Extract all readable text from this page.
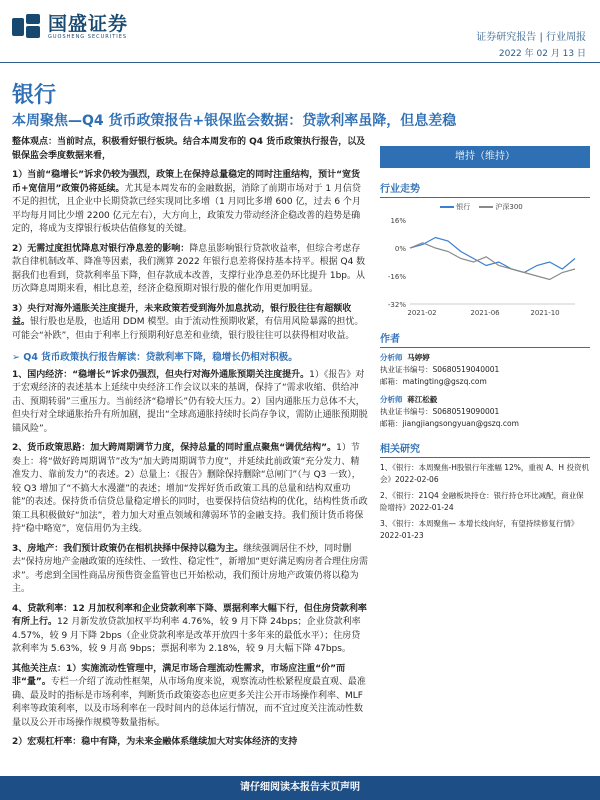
国盛证券
GUOSHENG SECURITIES	证券研究报告 | 行业周报
2022 年 02 月 13 日
银行
本周聚焦—Q4 货币政策报告+银保监会数据：贷款利率虽降，但息差稳

整体观点：当前时点，积极看好银行板块。结合本周发布的 Q4 货币政策执行报告，以及银保监会季度数据来看，

1）当前“稳增长”诉求仍较为强烈，政策上在保持总量稳定的同时注重结构，预计“宽货币+宽信用”政策仍将延续。尤其是本周发布的金融数据，消除了前期市场对于 1 月信贷不足的担忧，且企业中长期贷款已经实现同比多增（1 月同比多增 600 亿，过去 6 个月平均每月同比少增 2200 亿元左右），大方向上，政策发力带动经济企稳改善的趋势是确定的，将成为支撑银行板块估值修复的关键。

2）无需过度担忧降息对银行净息差的影响：降息虽影响银行贷款收益率，但综合考虑存款自律机制改革、降准等因素，我们测算 2022 年银行息差将保持基本持平。根据 Q4 数据我们也看到，贷款利率虽下降，但存款成本改善，支撑行业净息差仍环比提升 1bp。从历次降息周期来看，相比息差，经济企稳预期对银行股的催化作用更加明显。

3）央行对海外通胀关注度提升，未来政策若受到海外加息扰动，银行股往往有超额收益。银行股也是股，也适用 DDM 模型。由于流动性预期收紧，有信用风险暴露的担忧。可能会“补跌”，但由于利率上行预期利好息差和业绩，银行股往往可以获得相对收益。

➢ Q4 货币政策执行报告解读：贷款利率下降，稳增长仍相对积极。

1、国内经济：“稳增长”诉求仍强烈，但央行对海外通胀预期关注度提升。1）《报告》对于宏观经济的表述基本上延续中央经济工作会议以来的基调，保持了“需求收缩、供给冲击、预期转弱”三重压力。当前经济“稳增长”仍有较大压力。2）国内通胀压力总体不大，但央行对全球通胀抬升有所加剧，提出“全球高通胀持续时长尚存争议，需防止通胀预期脱锚风险”。

2、货币政策思路：加大跨周期调节力度，保持总量的同时重点聚焦“调优结构”。1）节奏上：将“做好跨周期调节”改为“加大跨周期调节力度”，并延续此前政策“充分发力、精准发力、靠前发力”的表述。2）总量上：《报告》删除保持删除“总闸门”（与 Q3 一致），较 Q3 增加了“不搞大水漫灌”的表述；增加“发挥好货币政策工具的总量和结构双重功能”的表述。保持货币信贷总量稳定增长的同时，也要保持信贷结构的优化，结构性货币政策工具积极做好“加法”，着力加大对重点领域和薄弱环节的金融支持。我们预计货币将保持“稳中略宽”，宽信用仍为主线。

3、房地产：我们预计政策仍在相机抉择中保持以稳为主。继续强调居住不炒，同时删去“保持房地产金融政策的连续性、一致性、稳定性”，新增加“更好满足购房者合理住房需求”。考虑到全国性商品房预售资金监管也已开始松动，我们预计房地产政策仍将以稳为主。

4、贷款利率：12 月加权利率和企业贷款利率下降、票据利率大幅下行，但住房贷款利率有所上行。12 月新发放贷款加权平均利率 4.76%，较 9 月下降 24bps；企业贷款利率 4.57%，较 9 月下降 2bps（企业贷款利率是改革开放四十多年来的最低水平）；住房贷款利率为 5.63%，较 9 月高 9bps；票据利率为 2.18%，较 9 月大幅下降 47bps。

其他关注点：1）实施流动性管理中，满足市场合理流动性需求，市场应注重“价”而非“量”。专栏一介绍了流动性框架，从市场角度来说，观察流动性松紧程度最直观、最准确、最及时的指标是市场利率，判断货币政策姿态也应更多关注公开市场操作利率、MLF 利率等政策利率，以及市场利率在一段时间内的总体运行情况，而不宜过度关注流动性数量以及公开市场操作规模等数量指标。

2）宏观杠杆率：稳中有降，为未来金融体系继续加大对实体经济的支持

增持（维持）
行业走势
银行	沪深300
16%
0%
-16%
-32%
2021-02	2021-06	2021-10
作者
分析师 马婷婷
执业证书编号：S0680519040001
邮箱：matingting@gszq.com
分析师 蒋江松毅
执业证书编号：S0680519090001
邮箱：jiangjiangsongyuan@gszq.com
相关研究
1、《银行：本周聚焦-H股银行年涨幅 12%，重视 A、H 投资机会》2022-02-06
2、《银行：21Q4 金融板块持仓：银行持仓环比减配，商业保险增持》2022-01-24
3、《银行：本周聚焦— 本增长线向好，有望持续修复行情》2022-01-23
请仔细阅读本报告末页声明
